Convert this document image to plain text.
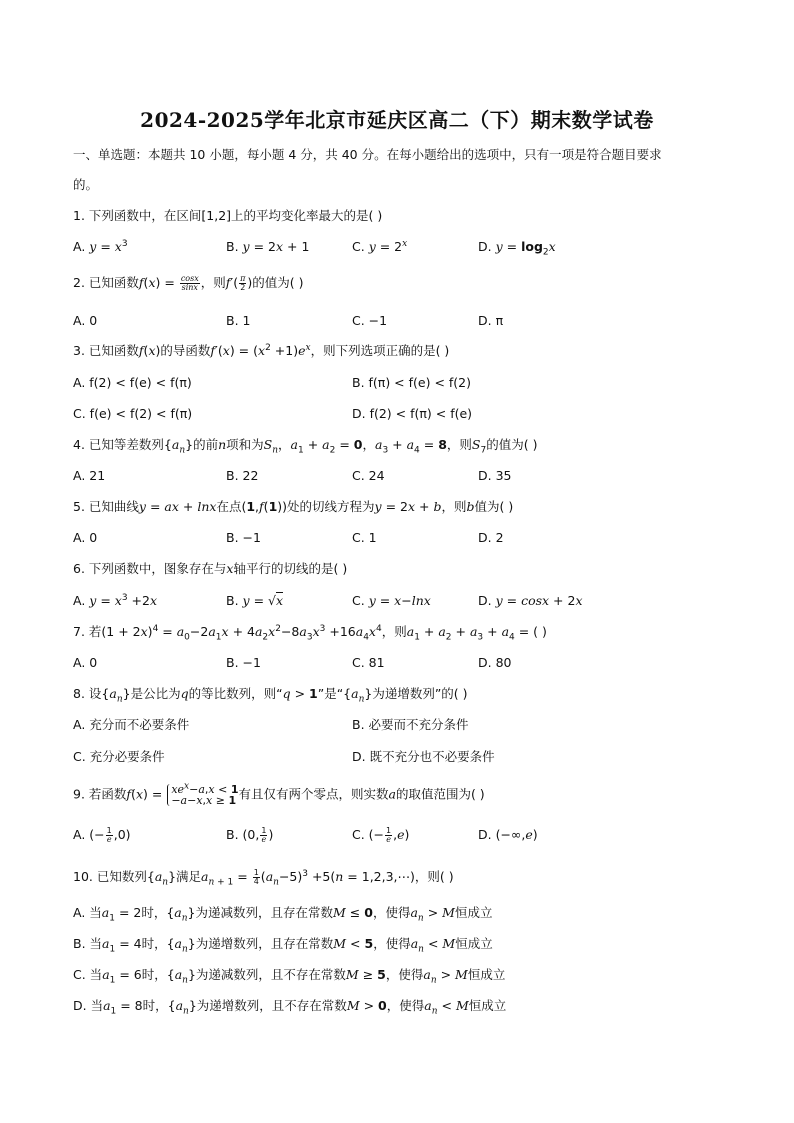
2024-2025学年北京市延庆区高二（下）期末数学试卷
一、单选题：本题共 10 小题，每小题 4 分，共 40 分。在每小题给出的选项中，只有一项是符合题目要求
的。
1. 下列函数中，在区间[1,2]上的平均变化率最大的是( )
A. $y = x^3$	B. y = 2x + 1	C. $y = 2^x$	D. $y = \log_2x$
2. 已知函数$f(x) = \frac{\cos x}{\sin x}$ ，则$f'( \frac{\pi}{2}$ )的值为( )
A. 0	B. 1	C. −1	D. π
3. 已知函数f(x)的导函数$f'(x) = (x^2 +1)e^x$，则下列选项正确的是( )
A. f(2) < f(e) < f(π)	B. f(π) < f(e) < f(2)
C. f(e) < f(2) < f(π)	D. f(2) < f(π) < f(e)
4. 已知等差数列$\{a_n\}$的前n项和为$S_n$，$a_1 + a_2 = 0$，$a_3 + a_4 = 8$，则$S_7$的值为( )
A. 21	B. 22	C. 24	D. 35
5. 已知曲线y = ax + lnx在点(1,f(1))处的切线方程为y = 2x + b，则b值为( )
A. 0	B. −1	C. 1	D. 2
6. 下列函数中，图象存在与x轴平行的切线的是( )
A. $y = x^3 +2x$	B. y = √x	C. y = x−lnx	D. y = cosx + 2x
7. 若$(1 + 2x)^4 = a_0-2a_1x + 4a_2x^2-8a_3x^3 +16a_4x^4$，则$a_1 + a_2 + a_3 + a_4$ = ( )
A. 0	B. −1	C. 81	D. 80
8. 设$\{a_n\}$是公比为q的等比数列，则“q > 1”是“$\{a_n\}$为递增数列”的( )
A. 充分而不必要条件	B. 必要而不充分条件
C. 充分必要条件	D. 既不充分也不必要条件
9. 若函数$f(x) = xe^x-a,x < 1$
−a−x,x ≥ 1 有且仅有两个零点，则实数a的取值范围为( )
A. (− $\frac{1}{e} ,0$)	B. (0, $\frac{1}{e}$ )	C. (− $\frac{1}{e} ,e$)	D. (−∞,e)
10. 已知数列$\{a_n\}$满足$a_{n + 1} = \frac{1}{4} (a_n-5)^3 +5(n$ = 1,2,3,⋯)，则( )
A. 当$a_1 = 2$时，$\{a_n\}$为递减数列，且存在常数M ≤ 0，使得$a_n > M$恒成立
B. 当$a_1 = 4$时，$\{a_n\}$为递增数列，且存在常数M < 5，使得$a_n < M$恒成立
C. 当$a_1 = 6$时，$\{a_n\}$为递减数列，且不存在常数M ≥ 5，使得$a_n > M$恒成立
D. 当$a_1 = 8$时，$\{a_n\}$为递增数列，且不存在常数M > 0，使得$a_n < M$恒成立
